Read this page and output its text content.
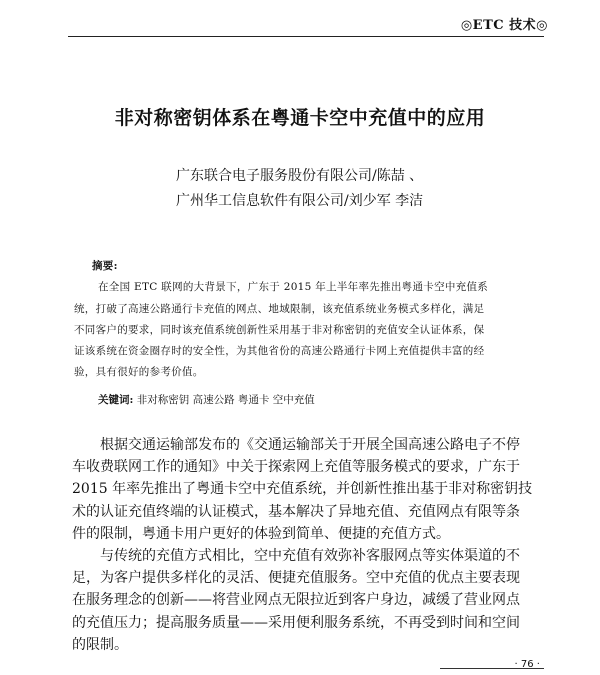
◎ETC 技术◎
非对称密钥体系在粤通卡空中充值中的应用
广东联合电子服务股份有限公司/陈喆 、
广州华工信息软件有限公司/刘少军 李洁

摘要:

在全国 ETC 联网的大背景下，广东于 2015 年上半年率先推出粤通卡空中充值系

统，打破了高速公路通行卡充值的网点、地域限制，该充值系统业务模式多样化，满足

不同客户的要求，同时该充值系统创新性采用基于非对称密钥的充值安全认证体系，保

证该系统在资金圈存时的安全性，为其他省份的高速公路通行卡网上充值提供丰富的经

验，具有很好的参考价值。

关键词: 非对称密钥 高速公路 粤通卡 空中充值

根据交通运输部发布的《交通运输部关于开展全国高速公路电子不停

车收费联网工作的通知》中关于探索网上充值等服务模式的要求，广东于

2015 年率先推出了粤通卡空中充值系统，并创新性推出基于非对称密钥技

术的认证充值终端的认证模式，基本解决了异地充值、充值网点有限等条

件的限制，粤通卡用户更好的体验到简单、便捷的充值方式。

与传统的充值方式相比，空中充值有效弥补客服网点等实体渠道的不

足，为客户提供多样化的灵活、便捷充值服务。空中充值的优点主要表现

在服务理念的创新——将营业网点无限拉近到客户身边，减缓了营业网点

的充值压力；提高服务质量——采用便利服务系统，不再受到时间和空间

的限制。

· 76 ·
